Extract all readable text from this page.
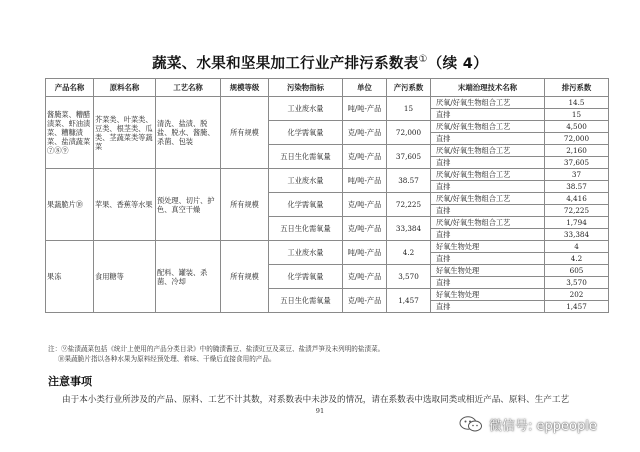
蔬菜、水果和坚果加工行业产排污系数表①（续 4）
产品名称	原料名称	工艺名称	规模等级	污染物指标	单位	产污系数	末端治理技术名称	排污系数
酱腌菜、糟醋渍菜、虾油渍菜、糟糠渍菜、盐渍蔬菜⑦⑧⑨	芥菜类、叶菜类、豆类、根茎类、瓜类、茎蔬菜类等蔬菜	清洗、盐渍、脱盐、脱水、酱腌、杀菌、包装	所有规模	工业废水量	吨/吨-产品	15	厌氧/好氧生物组合工艺	14.5
							直排	15
				化学需氧量	克/吨-产品	72,000	厌氧/好氧生物组合工艺	4,500
							直排	72,000
				五日生化需氧量	克/吨-产品	37,605	厌氧/好氧生物组合工艺	2,160
							直排	37,605
果蔬脆片⑩	苹果、香蕉等水果	预处理、切片、护色、真空干燥	所有规模	工业废水量	吨/吨-产品	38.57	厌氧/好氧生物组合工艺	37
							直排	38.57
				化学需氧量	克/吨-产品	72,225	厌氧/好氧生物组合工艺	4,416
							直排	72,225
				五日生化需氧量	克/吨-产品	33,384	厌氧/好氧生物组合工艺	1,794
							直排	33,384
果冻	食用糖等	配料、罐装、杀菌、冷却	所有规模	工业废水量	吨/吨-产品	4.2	好氧生物处理	4
							直排	4.2
				化学需氧量	克/吨-产品	3,570	好氧生物处理	605
							直排	3,570
				五日生化需氧量	克/吨-产品	1,457	好氧生物处理	202
							直排	1,457
注：⑨盐渍蔬菜包括《统计上使用的产品分类目录》中的腌渍酱豆、盐渍豇豆及菜豆、盐渍芦笋及未列明的盐渍菜。
⑩果蔬脆片指以各种水果为原料经预处理、着味、干燥后直接食用的产品。
注意事项
由于本小类行业所涉及的产品、原料、工艺不计其数，对系数表中未涉及的情况，请在系数表中选取同类或相近产品、原料、生产工艺
91
微信号: eppeople
